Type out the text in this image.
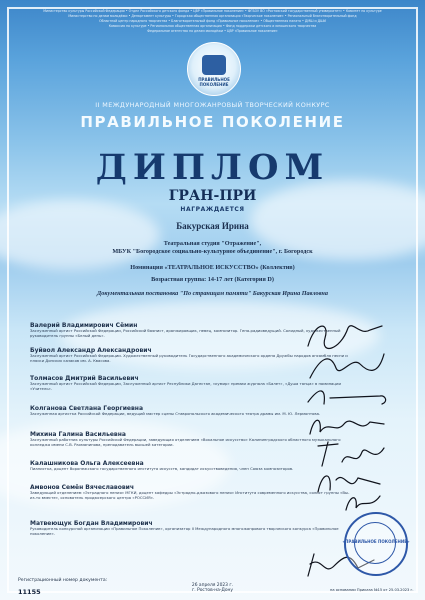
Министерство культуры Российской Федерации • Отдел Российского детского фонда • ЦВР «Правильное поколение» • ФГБОУ ВО «Ростовский государственный университет» • Комитет по культуре
Министерство по делам молодёжи • Департамент культуры • Городская общественная организация «Творческое поколение» • Региональный благотворительный фонд
Областной центр народного творчества • Благотворительный фонд «Правильное поколение» • Общественная палата • ДМШ и ДШИ
Комиссия по культуре • Региональная общественная организация • Фонд поддержки детского и юношеского творчества
Федеральное агентство по делам молодёжи • ЦВР «Правильное поколение»
ПРАВИЛЬНОЕ ПОКОЛЕНИЕ
II МЕЖДУНАРОДНЫЙ МНОГОЖАНРОВЫЙ ТВОРЧЕСКИЙ КОНКУРС
ПРАВИЛЬНОЕ ПОКОЛЕНИЕ
ДИПЛОМ
ГРАН-ПРИ
НАГРАЖДАЕТСЯ
Бакурская Ирина
Театральная студия "Отражение",
МБУК "Богородское социально-культурное объединение", г. Богородск
Номинация «ТЕАТРАЛЬНОЕ ИСКУССТВО» (Коллектив)
Возрастная группа: 14-17 лет (Категория D)
Документальная постановка "По страницам памяти" Бакурская Ирина Павловна
Валерий Владимирович Сёмин
Заслуженный артист Российской Федерации, Российский баянист, аранжировщик, певец, композитор. Гена-радиоведущий. Солидный, художественный руководитель группы «Белый день».
Буйвол Александр Александрович
Заслуженный артист Российской Федерации. Художественный руководитель Государственного академического ордена Дружбы народов ансамбля песни и пляски Донских казаков им. А. Квасова.
Толмасов Дмитрий Васильевич
Заслуженный артист Российской Федерации, Заслуженный артист Республики Дагестан, «кумир» премии журнала «Балет», «Душа танца» в номинации «Учитель».
Колганова Светлана Георгиевна
Заслуженная артистка Российской Федерации, ведущий мастер сцены Ставропольского академического театра драмы им. М. Ю. Лермонтова.
Михина Галина Васильевна
Заслуженный работник культуры Российской Федерации, заведующая отделением «Вокальное искусство» Калининградского областного музыкального колледжа имени С.В. Рахманинова, преподаватель высшей категории.
Калашникова Ольга Алексеевна
Пианистка, доцент Воронежского государственного института искусств, кандидат искусствоведения, член Союза композиторов.
Амвонов Семён Вячеславович
Заведующий отделением «Эстрадного пения» МГКИ, доцент кафедры «Эстрадно-джазового пения» Института современного искусства, солист группы «Вы-из-то вместе», основатель продюсерского центра «РОССИЯ».
Матвеющук Богдан Владимирович
Руководитель конкурсной организации «Правильное Поколение», организатор II Международного многожанрового творческого конкурса «Правильное поколение».
«ПРАВИЛЬНОЕ ПОКОЛЕНИЕ»
Регистрационный номер документа:
11155
26 апреля 2023 г.
г. Ростов-на-Дону	на основании Приказа №15 от 25.03.2023 г.
